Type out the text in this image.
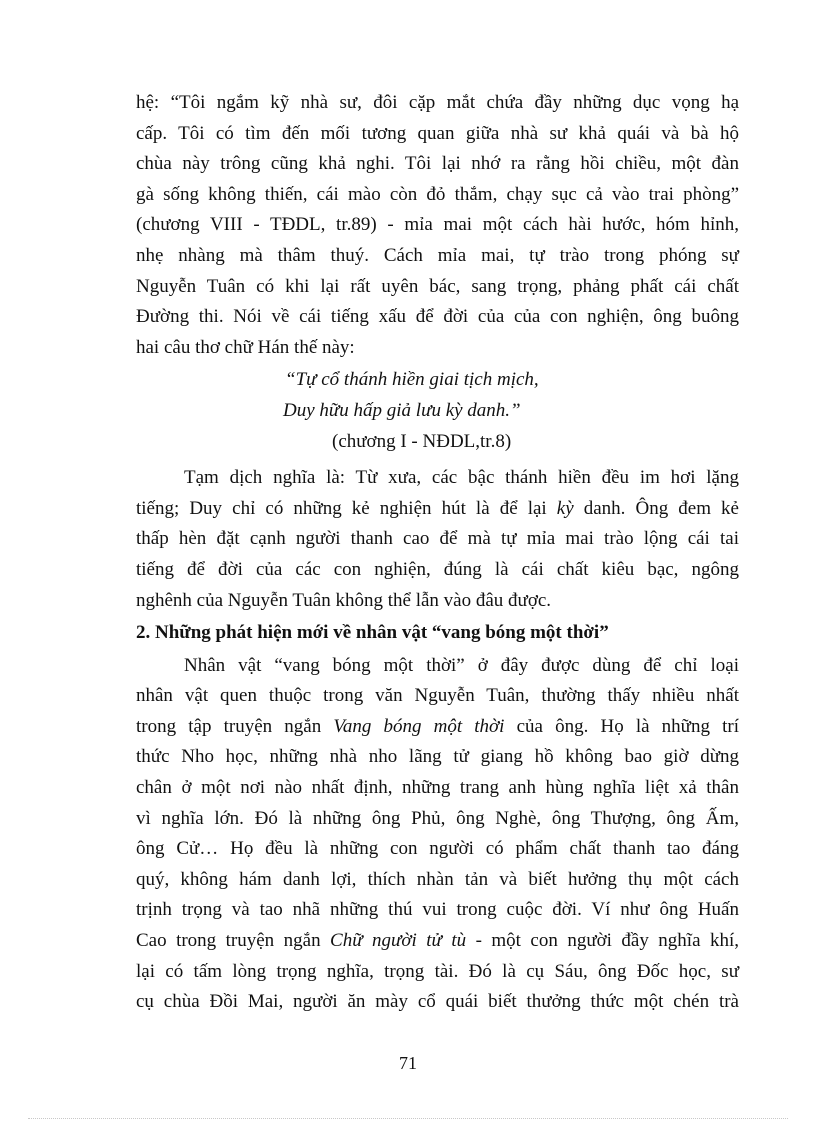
hệ: “Tôi ngắm kỹ nhà sư, đôi cặp mắt chứa đầy những dục vọng hạ
cấp. Tôi có tìm đến mối tương quan giữa nhà sư khả quái và bà hộ
chùa này trông cũng khả nghi. Tôi lại nhớ ra rằng hồi chiều, một đàn
gà sống không thiến, cái mào còn đỏ thắm, chạy sục cả vào trai phòng”
(chương VIII - TĐDL, tr.89) - mỉa mai một cách hài hước, hóm hỉnh,
nhẹ nhàng mà thâm thuý. Cách mỉa mai, tự trào trong phóng sự
Nguyễn Tuân có khi lại rất uyên bác, sang trọng, phảng phất cái chất
Đường thi. Nói về cái tiếng xấu để đời của của con nghiện, ông buông
hai câu thơ chữ Hán thế này:
“Tự cổ thánh hiền giai tịch mịch,
Duy hữu hấp giả lưu kỳ danh.”
(chương I - NĐDL,tr.8)
Tạm dịch nghĩa là: Từ xưa, các bậc thánh hiền đều im hơi lặng
tiếng; Duy chỉ có những kẻ nghiện hút là để lại kỳ danh. Ông đem kẻ
thấp hèn đặt cạnh người thanh cao để mà tự mỉa mai trào lộng cái tai
tiếng để đời của các con nghiện, đúng là cái chất kiêu bạc, ngông
nghênh của Nguyễn Tuân không thể lẫn vào đâu được.
2. Những phát hiện mới về nhân vật “vang bóng một thời”
Nhân vật “vang bóng một thời” ở đây được dùng để chỉ loại
nhân vật quen thuộc trong văn Nguyễn Tuân, thường thấy nhiều nhất
trong tập truyện ngắn Vang bóng một thời của ông. Họ là những trí
thức Nho học, những nhà nho lãng tử giang hồ không bao giờ dừng
chân ở một nơi nào nhất định, những trang anh hùng nghĩa liệt xả thân
vì nghĩa lớn. Đó là những ông Phủ, ông Nghè, ông Thượng, ông Ấm,
ông Cử… Họ đều là những con người có phẩm chất thanh tao đáng
quý, không hám danh lợi, thích nhàn tản và biết hưởng thụ một cách
trịnh trọng và tao nhã những thú vui trong cuộc đời. Ví như ông Huấn
Cao trong truyện ngắn Chữ người tử tù - một con người đầy nghĩa khí,
lại có tấm lòng trọng nghĩa, trọng tài. Đó là cụ Sáu, ông Đốc học, sư
cụ chùa Đồi Mai, người ăn mày cổ quái biết thưởng thức một chén trà
71
